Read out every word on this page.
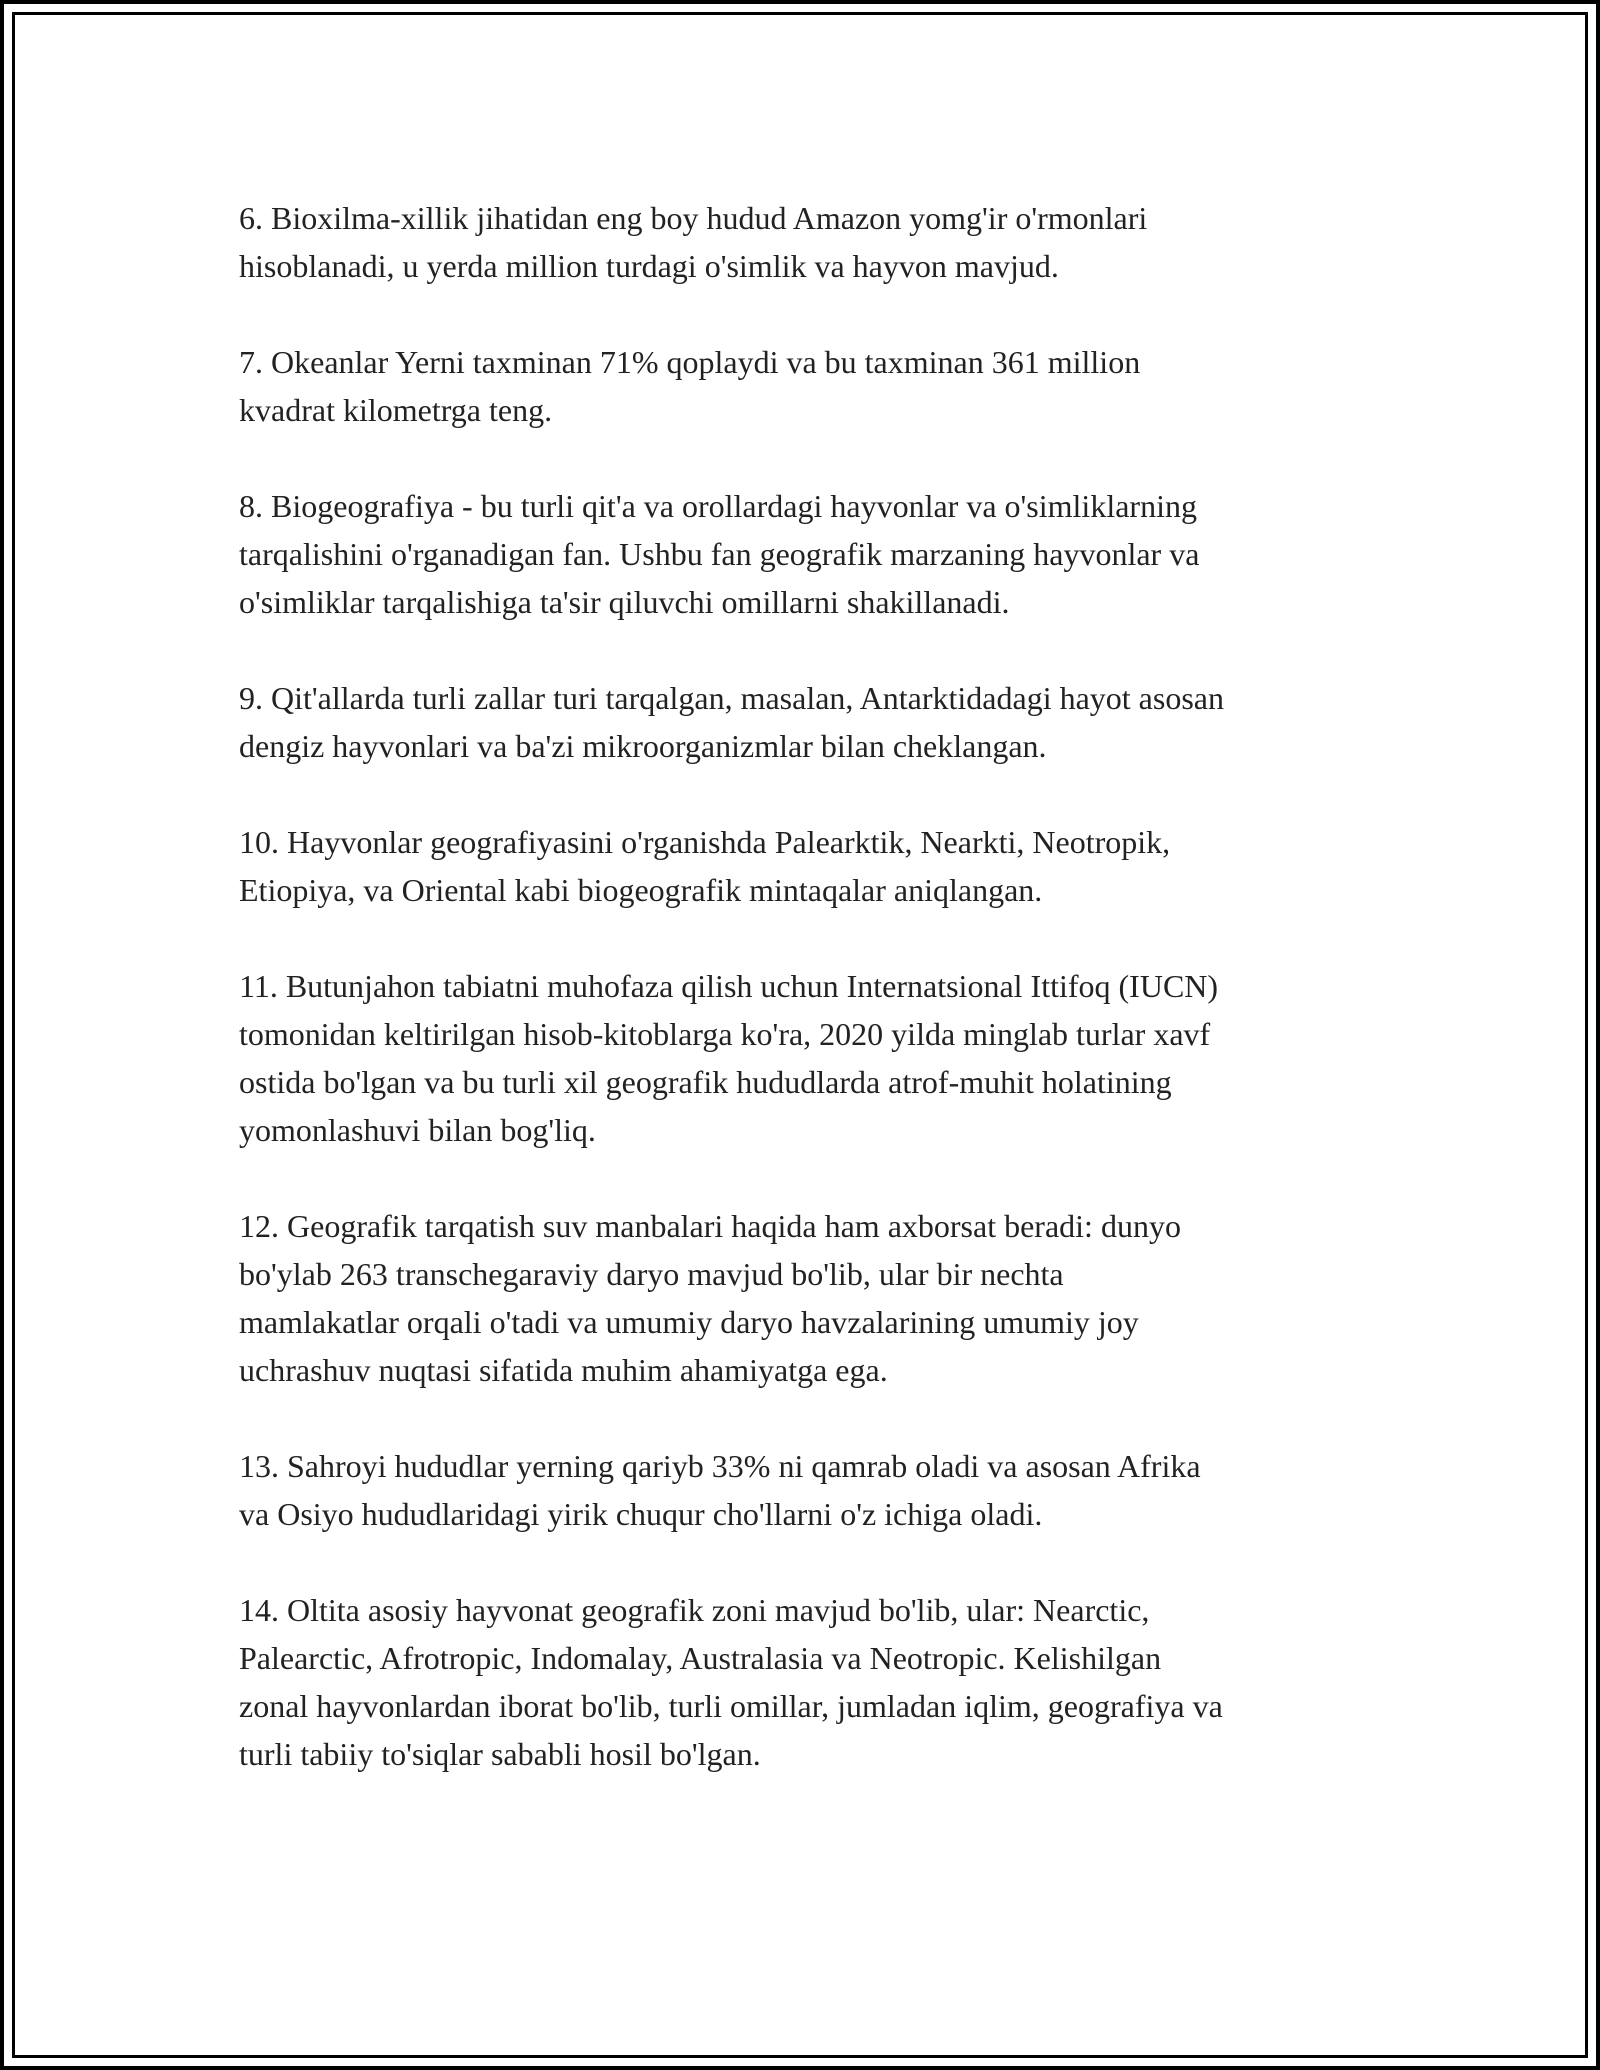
6. Bioxilma-xillik jihatidan eng boy hudud Amazon yomg'ir o'rmonlari
hisoblanadi, u yerda million turdagi o'simlik va hayvon mavjud.

7. Okeanlar Yerni taxminan 71% qoplaydi va bu taxminan 361 million
kvadrat kilometrga teng.

8. Biogeografiya - bu turli qit'a va orollardagi hayvonlar va o'simliklarning
tarqalishini o'rganadigan fan. Ushbu fan geografik marzaning hayvonlar va
o'simliklar tarqalishiga ta'sir qiluvchi omillarni shakillanadi.

9. Qit'allarda turli zallar turi tarqalgan, masalan, Antarktidadagi hayot asosan
dengiz hayvonlari va ba'zi mikroorganizmlar bilan cheklangan.

10. Hayvonlar geografiyasini o'rganishda Palearktik, Nearkti, Neotropik,
Etiopiya, va Oriental kabi biogeografik mintaqalar aniqlangan.

11. Butunjahon tabiatni muhofaza qilish uchun Internatsional Ittifoq (IUCN)
tomonidan keltirilgan hisob-kitoblarga ko'ra, 2020 yilda minglab turlar xavf
ostida bo'lgan va bu turli xil geografik hududlarda atrof-muhit holatining
yomonlashuvi bilan bog'liq.

12. Geografik tarqatish suv manbalari haqida ham axborsat beradi: dunyo
bo'ylab 263 transchegaraviy daryo mavjud bo'lib, ular bir nechta
mamlakatlar orqali o'tadi va umumiy daryo havzalarining umumiy joy
uchrashuv nuqtasi sifatida muhim ahamiyatga ega.

13. Sahroyi hududlar yerning qariyb 33% ni qamrab oladi va asosan Afrika
va Osiyo hududlaridagi yirik chuqur cho'llarni o'z ichiga oladi.

14. Oltita asosiy hayvonat geografik zoni mavjud bo'lib, ular: Nearctic,
Palearctic, Afrotropic, Indomalay, Australasia va Neotropic. Kelishilgan
zonal hayvonlardan iborat bo'lib, turli omillar, jumladan iqlim, geografiya va
turli tabiiy to'siqlar sababli hosil bo'lgan.
